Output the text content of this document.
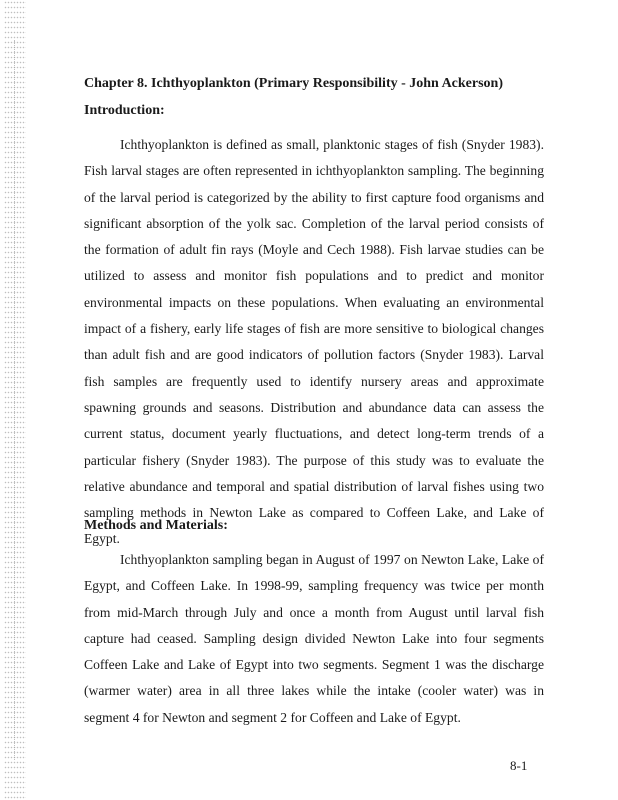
Chapter 8. Ichthyoplankton (Primary Responsibility - John Ackerson)
Introduction:

Ichthyoplankton is defined as small, planktonic stages of fish (Snyder 1983). Fish larval stages are often represented in ichthyoplankton sampling. The beginning of the larval period is categorized by the ability to first capture food organisms and significant absorption of the yolk sac. Completion of the larval period consists of the formation of adult fin rays (Moyle and Cech 1988). Fish larvae studies can be utilized to assess and monitor fish populations and to predict and monitor environmental impacts on these populations. When evaluating an environmental impact of a fishery, early life stages of fish are more sensitive to biological changes than adult fish and are good indicators of pollution factors (Snyder 1983). Larval fish samples are frequently used to identify nursery areas and approximate spawning grounds and seasons. Distribution and abundance data can assess the current status, document yearly fluctuations, and detect long-term trends of a particular fishery (Snyder 1983). The purpose of this study was to evaluate the relative abundance and temporal and spatial distribution of larval fishes using two sampling methods in Newton Lake as compared to Coffeen Lake, and Lake of Egypt.

Methods and Materials:

Ichthyoplankton sampling began in August of 1997 on Newton Lake, Lake of Egypt, and Coffeen Lake. In 1998-99, sampling frequency was twice per month from mid-March through July and once a month from August until larval fish capture had ceased. Sampling design divided Newton Lake into four segments Coffeen Lake and Lake of Egypt into two segments. Segment 1 was the discharge (warmer water) area in all three lakes while the intake (cooler water) was in segment 4 for Newton and segment 2 for Coffeen and Lake of Egypt.

8-1
